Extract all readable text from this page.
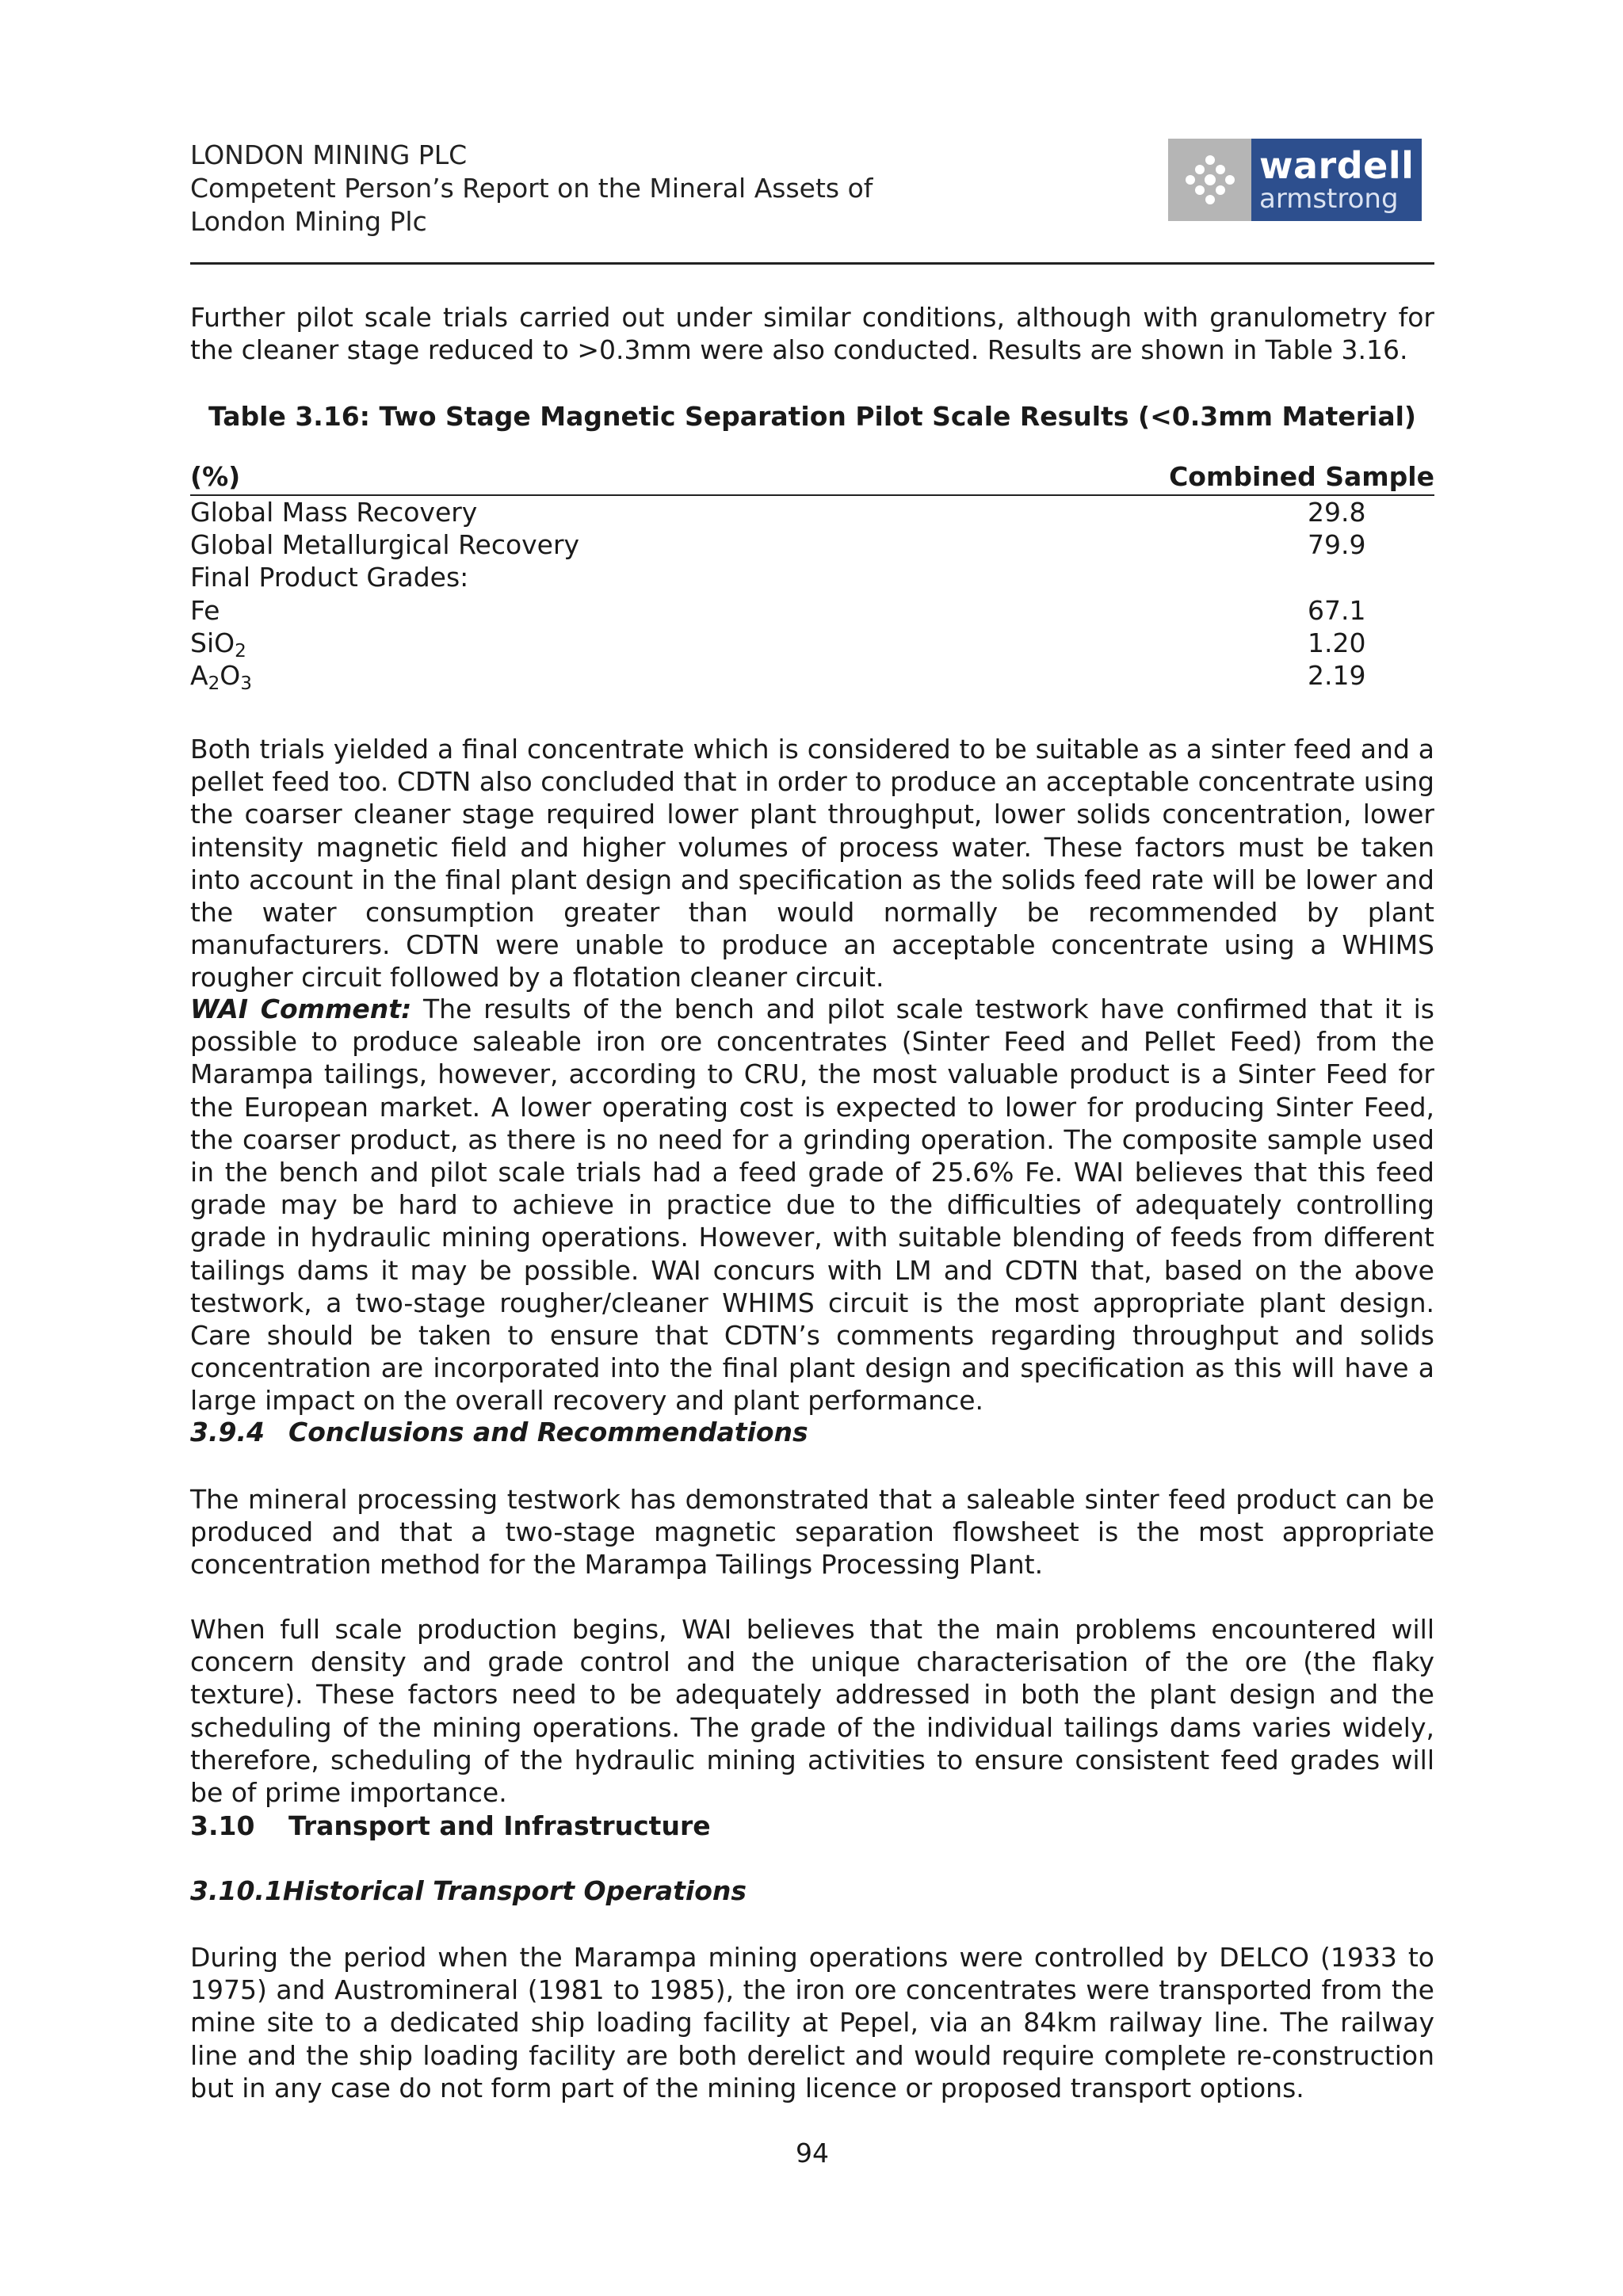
LONDON MINING PLC
Competent Person’s Report on the Mineral Assets of
London Mining Plc
wardell
armstrong

Further pilot scale trials carried out under similar conditions, although with granulometry for the cleaner stage reduced to >0.3mm were also conducted. Results are shown in Table 3.16.

Table 3.16: Two Stage Magnetic Separation Pilot Scale Results (<0.3mm Material)
(%)	Combined Sample
Global Mass Recovery	29.8
Global Metallurgical Recovery	79.9
Final Product Grades:
Fe	67.1
SiO$_2$	1.20
$A_2O_3$	2.19

Both trials yielded a final concentrate which is considered to be suitable as a sinter feed and a pellet feed too. CDTN also concluded that in order to produce an acceptable concentrate using the coarser cleaner stage required lower plant throughput, lower solids concentration, lower intensity magnetic field and higher volumes of process water. These factors must be taken into account in the final plant design and specification as the solids feed rate will be lower and the water consumption greater than would normally be recommended by plant manufacturers. CDTN were unable to produce an acceptable concentrate using a WHIMS rougher circuit followed by a flotation cleaner circuit.

WAI Comment: The results of the bench and pilot scale testwork have confirmed that it is possible to produce saleable iron ore concentrates (Sinter Feed and Pellet Feed) from the Marampa tailings, however, according to CRU, the most valuable product is a Sinter Feed for the European market. A lower operating cost is expected to lower for producing Sinter Feed, the coarser product, as there is no need for a grinding operation. The composite sample used in the bench and pilot scale trials had a feed grade of 25.6% Fe. WAI believes that this feed grade may be hard to achieve in practice due to the difficulties of adequately controlling grade in hydraulic mining operations. However, with suitable blending of feeds from different tailings dams it may be possible. WAI concurs with LM and CDTN that, based on the above testwork, a two-stage rougher/cleaner WHIMS circuit is the most appropriate plant design. Care should be taken to ensure that CDTN’s comments regarding throughput and solids concentration are incorporated into the final plant design and specification as this will have a large impact on the overall recovery and plant performance.

3.9.4 Conclusions and Recommendations

The mineral processing testwork has demonstrated that a saleable sinter feed product can be produced and that a two-stage magnetic separation flowsheet is the most appropriate concentration method for the Marampa Tailings Processing Plant.

When full scale production begins, WAI believes that the main problems encountered will concern density and grade control and the unique characterisation of the ore (the flaky texture). These factors need to be adequately addressed in both the plant design and the scheduling of the mining operations. The grade of the individual tailings dams varies widely, therefore, scheduling of the hydraulic mining activities to ensure consistent feed grades will be of prime importance.

3.10 Transport and Infrastructure
3.10.1Historical Transport Operations

During the period when the Marampa mining operations were controlled by DELCO (1933 to 1975) and Austromineral (1981 to 1985), the iron ore concentrates were transported from the mine site to a dedicated ship loading facility at Pepel, via an 84km railway line. The railway line and the ship loading facility are both derelict and would require complete re-construction but in any case do not form part of the mining licence or proposed transport options.

94
